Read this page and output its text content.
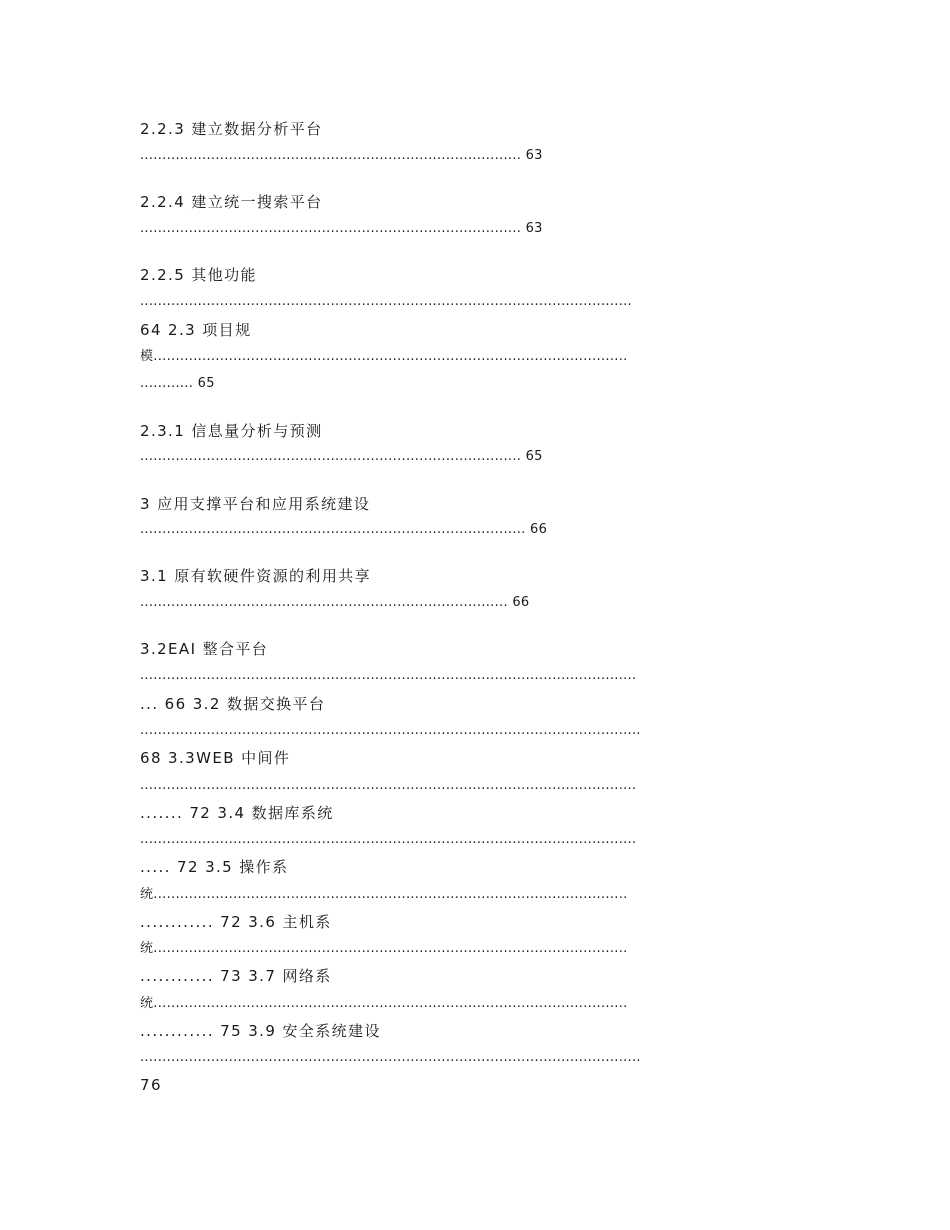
2.2.3 建立数据分析平台

...................................................................................... 63

2.2.4 建立统一搜索平台

...................................................................................... 63

2.2.5 其他功能

...............................................................................................................

64 2.3 项目规

模...........................................................................................................

............ 65

2.3.1 信息量分析与预测

...................................................................................... 65

3 应用支撑平台和应用系统建设

....................................................................................... 66

3.1 原有软硬件资源的利用共享

................................................................................... 66

3.2EAI 整合平台

................................................................................................................

... 66 3.2 数据交换平台

.................................................................................................................

68 3.3WEB 中间件

................................................................................................................

....... 72 3.4 数据库系统

................................................................................................................

..... 72 3.5 操作系

统...........................................................................................................

............ 72 3.6 主机系

统...........................................................................................................

............ 73 3.7 网络系

统...........................................................................................................

............ 75 3.9 安全系统建设

.................................................................................................................

76
